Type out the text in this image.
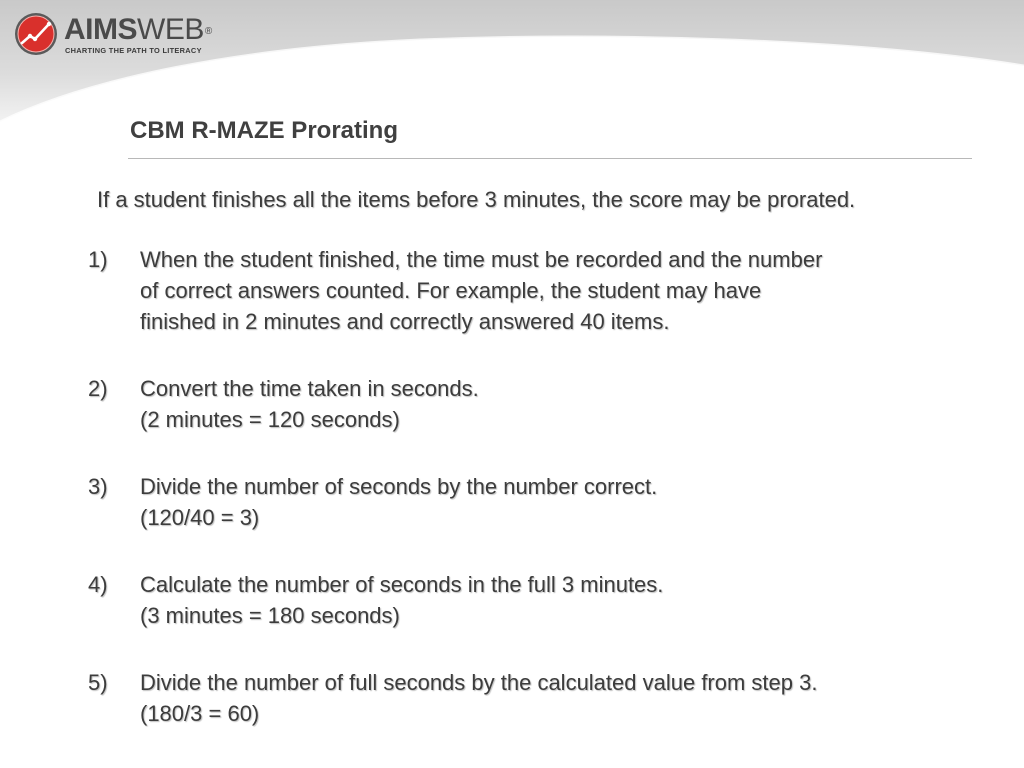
AIMSWEB®
CHARTING THE PATH TO LITERACY
CBM R-MAZE Prorating
If a student finishes all the items before 3 minutes, the score may be prorated.
1) When the student finished, the time must be recorded and the number
of correct answers counted. For example, the student may have
finished in 2 minutes and correctly answered 40 items.
2) Convert the time taken in seconds.
(2 minutes = 120 seconds)
3) Divide the number of seconds by the number correct.
(120/40 = 3)
4) Calculate the number of seconds in the full 3 minutes.
(3 minutes = 180 seconds)
5) Divide the number of full seconds by the calculated value from step 3.
(180/3 = 60)
